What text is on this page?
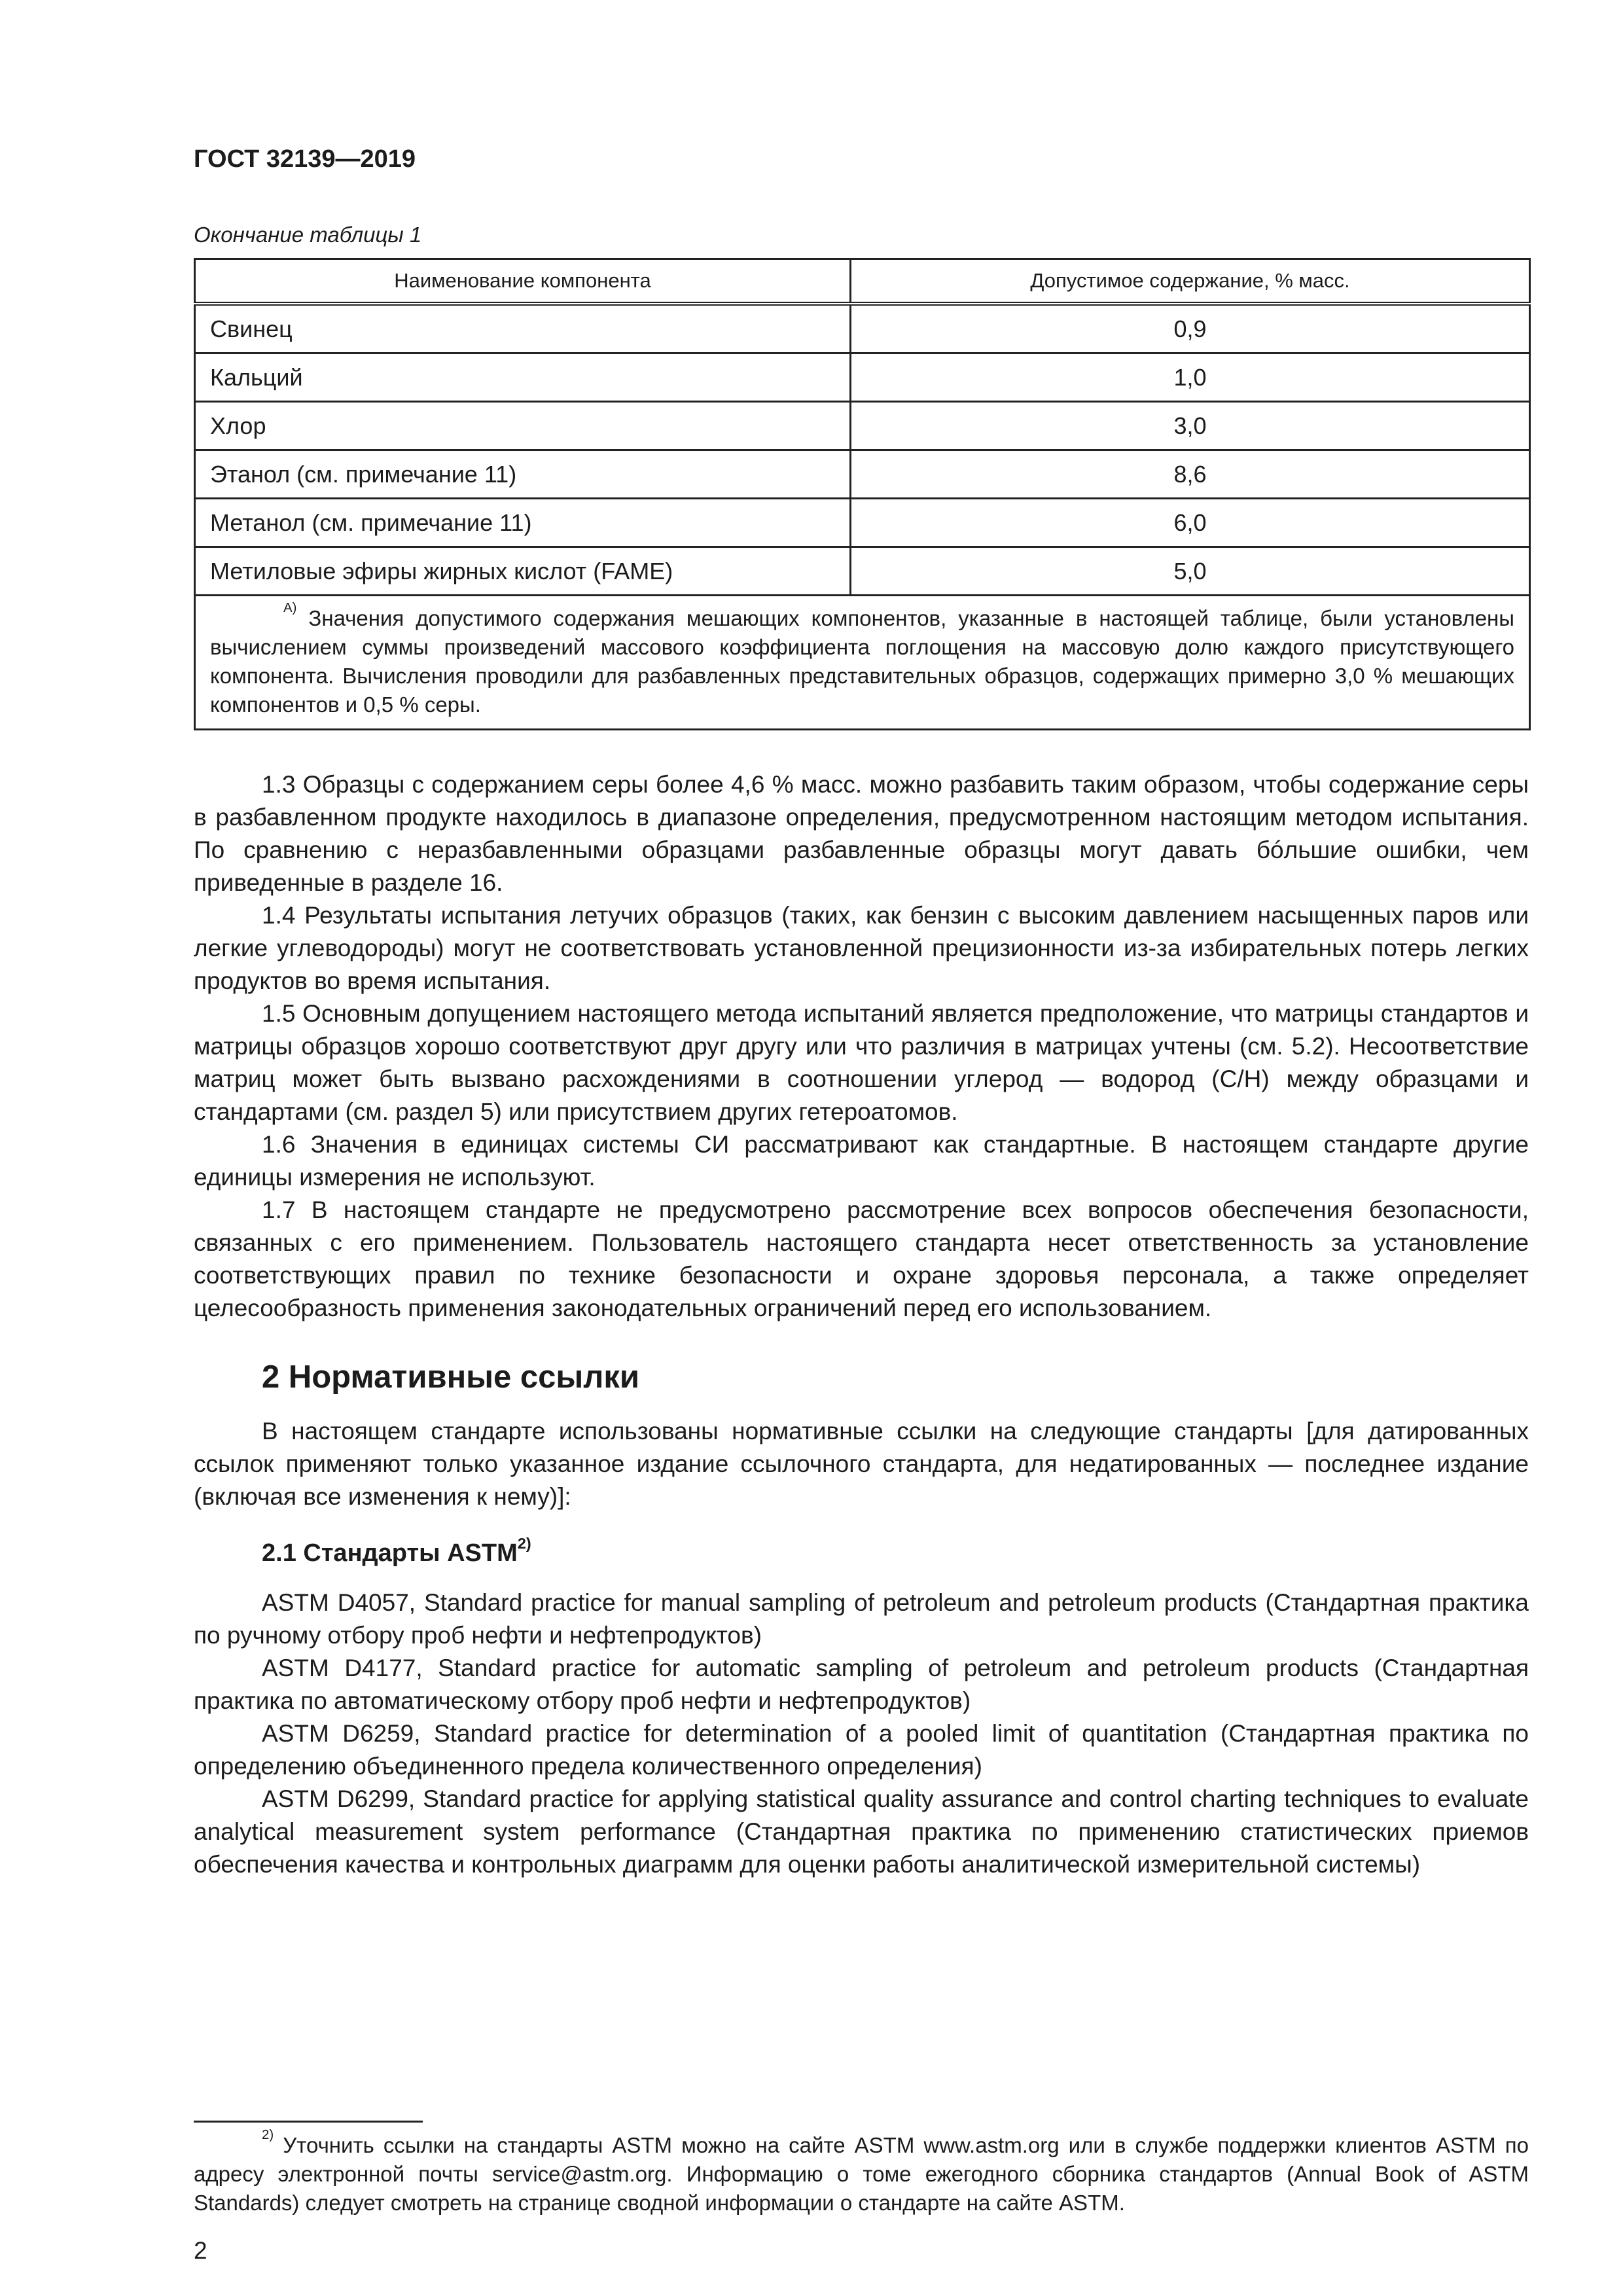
ГОСТ 32139—2019
Окончание таблицы 1
Наименование компонента	Допустимое содержание, % масс.
Свинец	0,9
Кальций	1,0
Хлор	3,0
Этанол (см. примечание 11)	8,6
Метанол (см. примечание 11)	6,0
Метиловые эфиры жирных кислот (FAME)	5,0
$^{А)}$ Значения допустимого содержания мешающих компонентов, указанные в настоящей таблице, были установлены вычислением суммы произведений массового коэффициента поглощения на массовую долю каждого присутствующего компонента. Вычисления проводили для разбавленных представительных образцов, содержащих примерно 3,0 % мешающих компонентов и 0,5 % серы.	

1.3 Образцы с содержанием серы более 4,6 % масс. можно разбавить таким образом, чтобы содержание серы в разбавленном продукте находилось в диапазоне определения, предусмотренном настоящим методом испытания. По сравнению с неразбавленными образцами разбавленные образцы могут давать бóльшие ошибки, чем приведенные в разделе 16.

1.4 Результаты испытания летучих образцов (таких, как бензин с высоким давлением насыщенных паров или легкие углеводороды) могут не соответствовать установленной прецизионности из-за избирательных потерь легких продуктов во время испытания.

1.5 Основным допущением настоящего метода испытаний является предположение, что матрицы стандартов и матрицы образцов хорошо соответствуют друг другу или что различия в матрицах учтены (см. 5.2). Несоответствие матриц может быть вызвано расхождениями в соотношении углерод — водород (С/Н) между образцами и стандартами (см. раздел 5) или присутствием других гетероатомов.

1.6 Значения в единицах системы СИ рассматривают как стандартные. В настоящем стандарте другие единицы измерения не используют.

1.7 В настоящем стандарте не предусмотрено рассмотрение всех вопросов обеспечения безопасности, связанных с его применением. Пользователь настоящего стандарта несет ответственность за установление соответствующих правил по технике безопасности и охране здоровья персонала, а также определяет целесообразность применения законодательных ограничений перед его использованием.

2 Нормативные ссылки

В настоящем стандарте использованы нормативные ссылки на следующие стандарты [для датированных ссылок применяют только указанное издание ссылочного стандарта, для недатированных — последнее издание (включая все изменения к нему)]:

2.1 Стандарты ASTM$^{2)}$

ASTM D4057, Standard practice for manual sampling of petroleum and petroleum products (Стандартная практика по ручному отбору проб нефти и нефтепродуктов)

ASTM D4177, Standard practice for automatic sampling of petroleum and petroleum products (Стандартная практика по автоматическому отбору проб нефти и нефтепродуктов)

ASTM D6259, Standard practice for determination of a pooled limit of quantitation (Стандартная практика по определению объединенного предела количественного определения)

ASTM D6299, Standard practice for applying statistical quality assurance and control charting techniques to evaluate analytical measurement system performance (Стандартная практика по применению статистических приемов обеспечения качества и контрольных диаграмм для оценки работы аналитической измерительной системы)

$^{2)}$ Уточнить ссылки на стандарты ASTM можно на сайте ASTM www.astm.org или в службе поддержки клиентов ASTM по адресу электронной почты service@astm.org. Информацию о томе ежегодного сборника стандартов (Annual Book of ASTM Standards) следует смотреть на странице сводной информации о стандарте на сайте ASTM.

2
